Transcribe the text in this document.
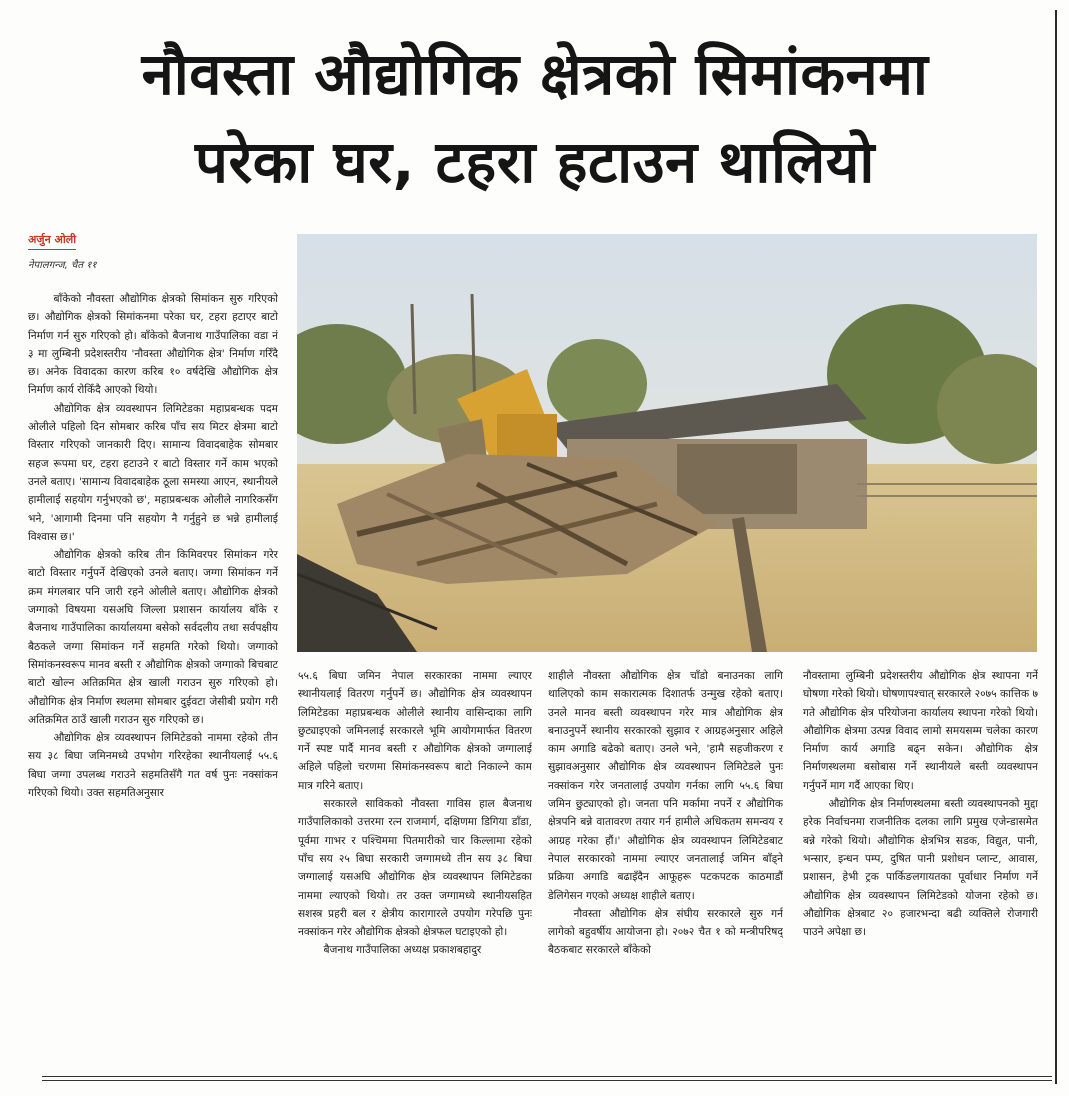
नौवस्ता औद्योगिक क्षेत्रको सिमांकनमा
परेका घर, टहरा हटाउन थालियो
अर्जुन ओली
नेपालगन्ज, चैत ११

बाँकेको नौवस्ता औद्योगिक क्षेत्रको सिमांकन सुरु गरिएको छ। औद्योगिक क्षेत्रको सिमांकनमा परेका घर, टहरा हटाएर बाटो निर्माण गर्न सुरु गरिएको हो। बाँकेको बैजनाथ गाउँपालिका वडा नं ३ मा लुम्बिनी प्रदेशस्तरीय 'नौवस्ता औद्योगिक क्षेत्र' निर्माण गरिँदै छ। अनेक विवादका कारण करिब १० वर्षदेखि औद्योगिक क्षेत्र निर्माण कार्य रोकिँदै आएको थियो।

औद्योगिक क्षेत्र व्यवस्थापन लिमिटेडका महाप्रबन्धक पदम ओलीले पहिलो दिन सोमबार करिब पाँच सय मिटर क्षेत्रमा बाटो विस्तार गरिएको जानकारी दिए। सामान्य विवादबाहेक सोमबार सहज रूपमा घर, टहरा हटाउने र बाटो विस्तार गर्ने काम भएको उनले बताए। 'सामान्य विवादबाहेक ठूला समस्या आएन, स्थानीयले हामीलाई सहयोग गर्नुभएको छ', महाप्रबन्धक ओलीले नागरिकसँग भने, 'आगामी दिनमा पनि सहयोग नै गर्नुहुने छ भन्ने हामीलाई विश्वास छ।'

औद्योगिक क्षेत्रको करिब तीन किमिवरपर सिमांकन गरेर बाटो विस्तार गर्नुपर्ने देखिएको उनले बताए। जग्गा सिमांकन गर्ने क्रम मंगलबार पनि जारी रहने ओलीले बताए। औद्योगिक क्षेत्रको जग्गाको विषयमा यसअघि जिल्ला प्रशासन कार्यालय बाँके र बैजनाथ गाउँपालिका कार्यालयमा बसेको सर्वदलीय तथा सर्वपक्षीय बैठकले जग्गा सिमांकन गर्ने सहमति गरेको थियो। जग्गाको सिमांकनस्वरूप मानव बस्ती र औद्योगिक क्षेत्रको जग्गाको बिचबाट बाटो खोल्न अतिक्रमित क्षेत्र खाली गराउन सुरु गरिएको हो। औद्योगिक क्षेत्र निर्माण स्थलमा सोमबार दुईवटा जेसीबी प्रयोग गरी अतिक्रमित ठाउँ खाली गराउन सुरु गरिएको छ।

औद्योगिक क्षेत्र व्यवस्थापन लिमिटेडको नाममा रहेको तीन सय ३८ बिघा जमिनमध्ये उपभोग गरिरहेका स्थानीयलाई ५५.६ बिघा जग्गा उपलब्ध गराउने सहमतिसँगै गत वर्ष पुनः नक्सांकन गरिएको थियो। उक्त सहमतिअनुसार

५५.६ बिघा जमिन नेपाल सरकारका नाममा ल्याएर स्थानीयलाई वितरण गर्नुपर्ने छ। औद्योगिक क्षेत्र व्यवस्थापन लिमिटेडका महाप्रबन्धक ओलीले स्थानीय वासिन्दाका लागि छुट्याइएको जमिनलाई सरकारले भूमि आयोगमार्फत वितरण गर्ने स्पष्ट पार्दै मानव बस्ती र औद्योगिक क्षेत्रको जग्गालाई अहिले पहिलो चरणमा सिमांकनस्वरूप बाटो निकाल्ने काम मात्र गरिने बताए।

सरकारले साविकको नौवस्ता गाविस हाल बैजनाथ गाउँपालिकाको उत्तरमा रत्न राजमार्ग, दक्षिणमा डिगिया डाँडा, पूर्वमा गाभर र पश्चिममा पितमारीको चार किल्लामा रहेको पाँच सय २५ बिघा सरकारी जग्गामध्ये तीन सय ३८ बिघा जग्गालाई यसअघि औद्योगिक क्षेत्र व्यवस्थापन लिमिटेडका नाममा ल्याएको थियो। तर उक्त जग्गामध्ये स्थानीयसहित सशस्त्र प्रहरी बल र क्षेत्रीय कारागारले उपयोग गरेपछि पुनः नक्सांकन गरेर औद्योगिक क्षेत्रको क्षेत्रफल घटाइएको हो।

बैजनाथ गाउँपालिका अध्यक्ष प्रकाशबहादुर

शाहीले नौवस्ता औद्योगिक क्षेत्र चाँडो बनाउनका लागि थालिएको काम सकारात्मक दिशातर्फ उन्मुख रहेको बताए। उनले मानव बस्ती व्यवस्थापन गरेर मात्र औद्योगिक क्षेत्र बनाउनुपर्ने स्थानीय सरकारको सुझाव र आग्रहअनुसार अहिले काम अगाडि बढेको बताए। उनले भने, 'हामै सहजीकरण र सुझावअनुसार औद्योगिक क्षेत्र व्यवस्थापन लिमिटेडले पुनः नक्सांकन गरेर जनतालाई उपयोग गर्नका लागि ५५.६ बिघा जमिन छुट्याएको हो। जनता पनि मर्कामा नपर्ने र औद्योगिक क्षेत्रपनि बन्ने वातावरण तयार गर्न हामीले अधिकतम समन्वय र आग्रह गरेका हौं।' औद्योगिक क्षेत्र व्यवस्थापन लिमिटेडबाट नेपाल सरकारको नाममा ल्याएर जनतालाई जमिन बाँड्ने प्रक्रिया अगाडि बढाइँदैन आफूहरू पटकपटक काठमाडौं डेलिगेसन गएको अध्यक्ष शाहीले बताए।

नौवस्ता औद्योगिक क्षेत्र संघीय सरकारले सुरु गर्न लागेको बहुवर्षीय आयोजना हो। २०७२ चैत १ को मन्त्रीपरिषद् बैठकबाट सरकारले बाँकेको

नौवस्तामा लुम्बिनी प्रदेशस्तरीय औद्योगिक क्षेत्र स्थापना गर्ने घोषणा गरेको थियो। घोषणापश्चात् सरकारले २०७५ कात्तिक ७ गते औद्योगिक क्षेत्र परियोजना कार्यालय स्थापना गरेको थियो। औद्योगिक क्षेत्रमा उत्पन्न विवाद लामो समयसम्म चलेका कारण निर्माण कार्य अगाडि बढ्न सकेन। औद्योगिक क्षेत्र निर्माणस्थलमा बसोबास गर्ने स्थानीयले बस्ती व्यवस्थापन गर्नुपर्ने माग गर्दै आएका थिए।

औद्योगिक क्षेत्र निर्माणस्थलमा बस्ती व्यवस्थापनको मुद्दा हरेक निर्वाचनमा राजनीतिक दलका लागि प्रमुख एजेन्डासमेत बन्ने गरेको थियो। औद्योगिक क्षेत्रभित्र सडक, विद्युत, पानी, भन्सार, इन्धन पम्प, दुषित पानी प्रशोधन प्लान्ट, आवास, प्रशासन, हेभी ट्रक पार्किङलगायतका पूर्वाधार निर्माण गर्ने औद्योगिक क्षेत्र व्यवस्थापन लिमिटेडको योजना रहेको छ। औद्योगिक क्षेत्रबाट २० हजारभन्दा बढी व्यक्तिले रोजगारी पाउने अपेक्षा छ।
